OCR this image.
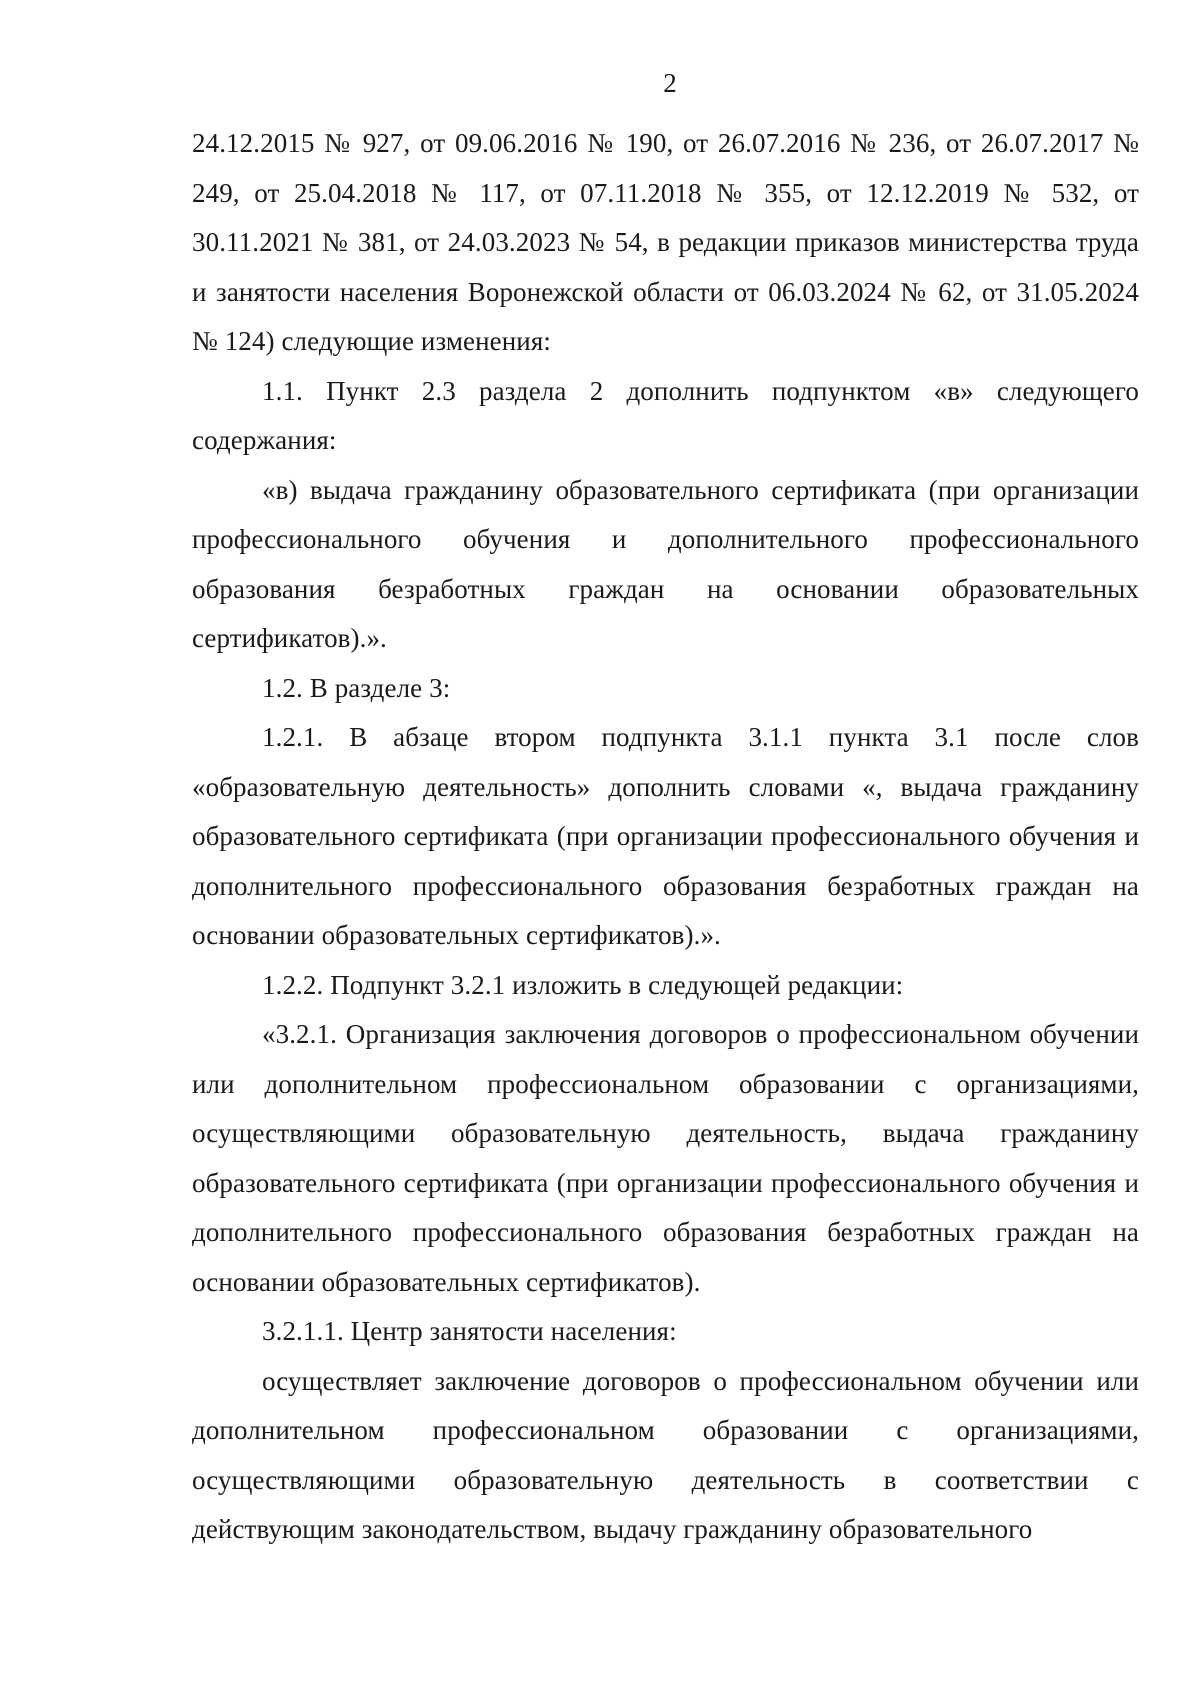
2

24.12.2015 № 927, от 09.06.2016 № 190, от 26.07.2016 № 236, от 26.07.2017 № 249, от 25.04.2018 № 117, от 07.11.2018 № 355, от 12.12.2019 № 532, от 30.11.2021 № 381, от 24.03.2023 № 54, в редакции приказов министерства труда и занятости населения Воронежской области от 06.03.2024 № 62, от 31.05.2024 № 124) следующие изменения:

1.1. Пункт 2.3 раздела 2 дополнить подпунктом «в» следующего содержания:

«в) выдача гражданину образовательного сертификата (при организации профессионального обучения и дополнительного профессионального образования безработных граждан на основании образовательных сертификатов).».

1.2. В разделе 3:

1.2.1. В абзаце втором подпункта 3.1.1 пункта 3.1 после слов «образовательную деятельность» дополнить словами «, выдача гражданину образовательного сертификата (при организации профессионального обучения и дополнительного профессионального образования безработных граждан на основании образовательных сертификатов).».

1.2.2. Подпункт 3.2.1 изложить в следующей редакции:

«3.2.1. Организация заключения договоров о профессиональном обучении или дополнительном профессиональном образовании с организациями, осуществляющими образовательную деятельность, выдача гражданину образовательного сертификата (при организации профессионального обучения и дополнительного профессионального образования безработных граждан на основании образовательных сертификатов).

3.2.1.1. Центр занятости населения:

осуществляет заключение договоров о профессиональном обучении или дополнительном профессиональном образовании с организациями, осуществляющими образовательную деятельность в соответствии с действующим законодательством, выдачу гражданину образовательного
